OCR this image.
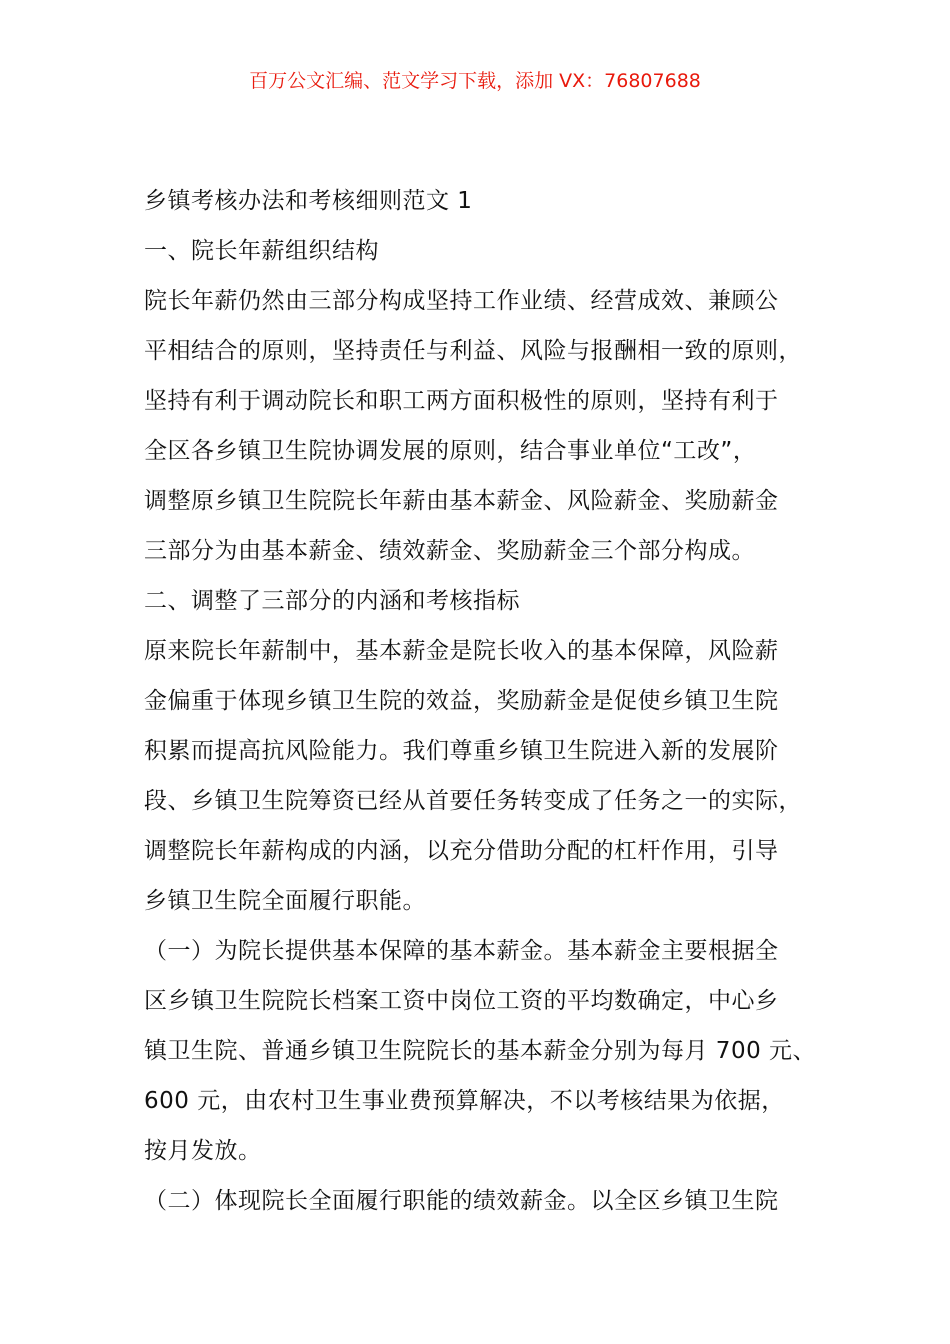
百万公文汇编、范文学习下载，添加 VX：76807688

乡镇考核办法和考核细则范文 1

一、院长年薪组织结构

院长年薪仍然由三部分构成坚持工作业绩、经营成效、兼顾公

平相结合的原则，坚持责任与利益、风险与报酬相一致的原则，

坚持有利于调动院长和职工两方面积极性的原则，坚持有利于

全区各乡镇卫生院协调发展的原则，结合事业单位“工改”，

调整原乡镇卫生院院长年薪由基本薪金、风险薪金、奖励薪金

三部分为由基本薪金、绩效薪金、奖励薪金三个部分构成。

二、调整了三部分的内涵和考核指标

原来院长年薪制中，基本薪金是院长收入的基本保障，风险薪

金偏重于体现乡镇卫生院的效益，奖励薪金是促使乡镇卫生院

积累而提高抗风险能力。我们尊重乡镇卫生院进入新的发展阶

段、乡镇卫生院筹资已经从首要任务转变成了任务之一的实际，

调整院长年薪构成的内涵，以充分借助分配的杠杆作用，引导

乡镇卫生院全面履行职能。

（一）为院长提供基本保障的基本薪金。基本薪金主要根据全

区乡镇卫生院院长档案工资中岗位工资的平均数确定，中心乡

镇卫生院、普通乡镇卫生院院长的基本薪金分别为每月 700 元、

600 元，由农村卫生事业费预算解决，不以考核结果为依据，

按月发放。

（二）体现院长全面履行职能的绩效薪金。以全区乡镇卫生院
